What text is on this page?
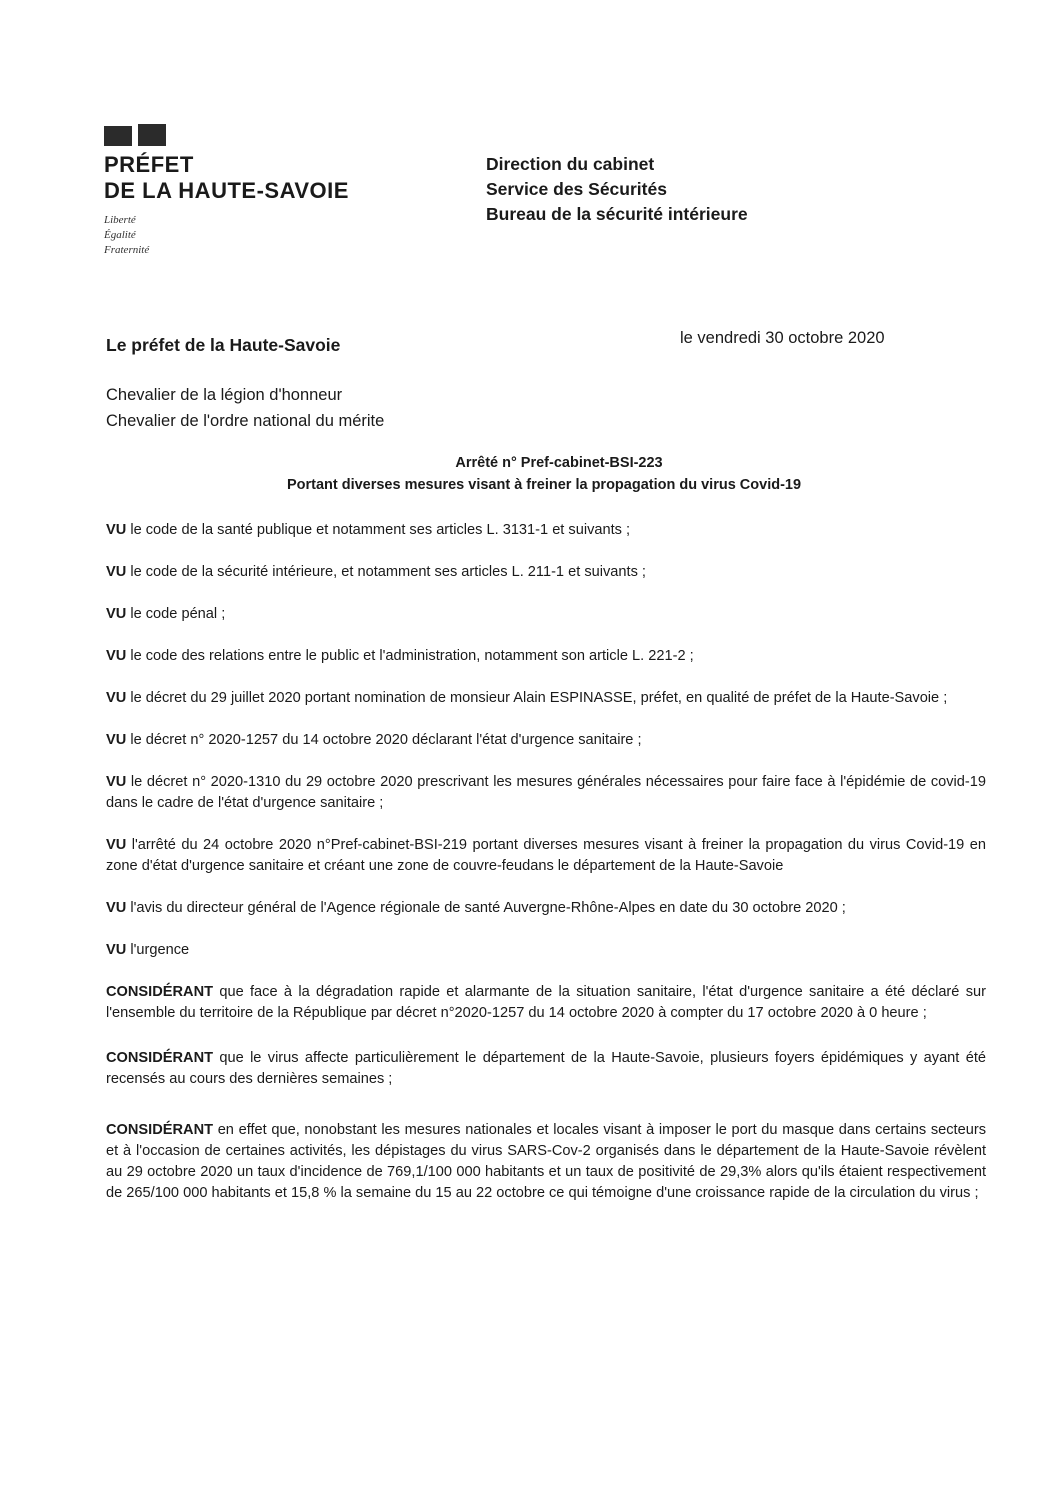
PRÉFET
DE LA HAUTE-SAVOIE
Liberté
Égalité
Fraternité
Direction du cabinet
Service des Sécurités
Bureau de la sécurité intérieure
Le préfet de la Haute-Savoie	le vendredi 30 octobre 2020
Chevalier de la légion d'honneur
Chevalier de l'ordre national du mérite
Arrêté n° Pref-cabinet-BSI-223
Portant diverses mesures visant à freiner la propagation du virus Covid-19

VU le code de la santé publique et notamment ses articles L. 3131-1 et suivants ;

VU le code de la sécurité intérieure, et notamment ses articles L. 211-1 et suivants ;

VU le code pénal ;

VU le code des relations entre le public et l'administration, notamment son article L. 221-2 ;

VU le décret du 29 juillet 2020 portant nomination de monsieur Alain ESPINASSE, préfet, en qualité de préfet de la Haute-Savoie ;

VU le décret n° 2020-1257 du 14 octobre 2020 déclarant l'état d'urgence sanitaire ;

VU le décret n° 2020-1310 du 29 octobre 2020 prescrivant les mesures générales nécessaires pour faire face à l'épidémie de covid-19 dans le cadre de l'état d'urgence sanitaire ;

VU l'arrêté du 24 octobre 2020 n°Pref-cabinet-BSI-219 portant diverses mesures visant à freiner la propagation du virus Covid-19 en zone d'état d'urgence sanitaire et créant une zone de couvre-feudans le département de la Haute-Savoie

VU l'avis du directeur général de l'Agence régionale de santé Auvergne-Rhône-Alpes en date du 30 octobre 2020 ;

VU l'urgence

CONSIDÉRANT que face à la dégradation rapide et alarmante de la situation sanitaire, l'état d'urgence sanitaire a été déclaré sur l'ensemble du territoire de la République par décret n°2020-1257 du 14 octobre 2020 à compter du 17 octobre 2020 à 0 heure ;

CONSIDÉRANT que le virus affecte particulièrement le département de la Haute-Savoie, plusieurs foyers épidémiques y ayant été recensés au cours des dernières semaines ;

CONSIDÉRANT en effet que, nonobstant les mesures nationales et locales visant à imposer le port du masque dans certains secteurs et à l'occasion de certaines activités, les dépistages du virus SARS-Cov-2 organisés dans le département de la Haute-Savoie révèlent au 29 octobre 2020 un taux d'incidence de 769,1/100 000 habitants et un taux de positivité de 29,3% alors qu'ils étaient respectivement de 265/100 000 habitants et 15,8 % la semaine du 15 au 22 octobre ce qui témoigne d'une croissance rapide de la circulation du virus ;
